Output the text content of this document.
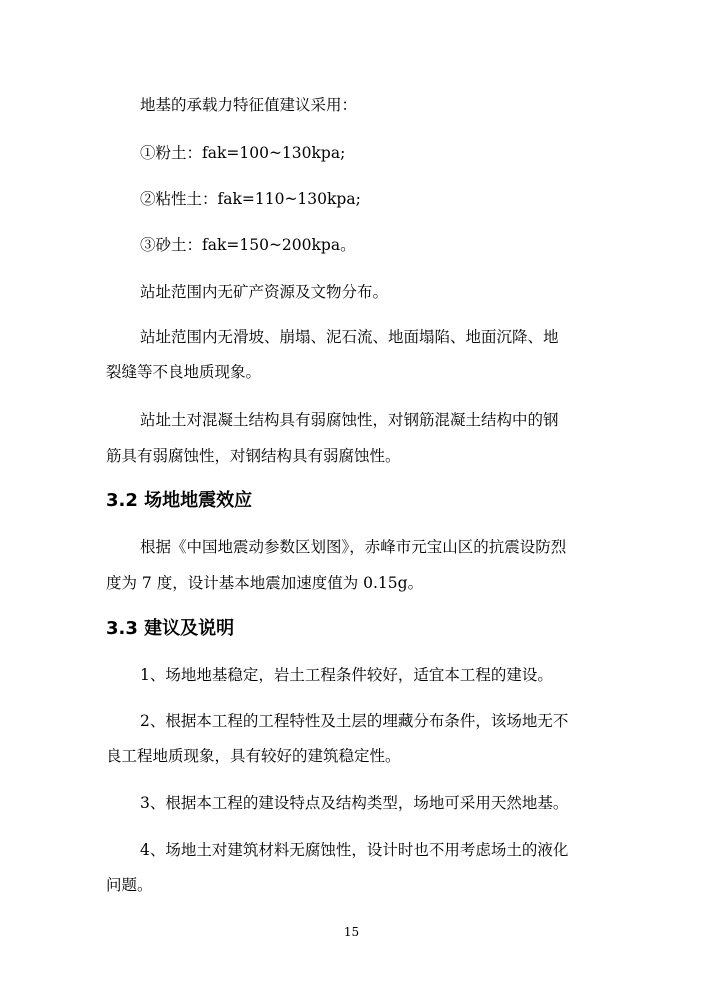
地基的承载力特征值建议采用：
①粉土：fak=100~130kpa;
②粘性土：fak=110~130kpa;
③砂土：fak=150~200kpa。
站址范围内无矿产资源及文物分布。
站址范围内无滑坡、崩塌、泥石流、地面塌陷、地面沉降、地
裂缝等不良地质现象。
站址土对混凝土结构具有弱腐蚀性，对钢筋混凝土结构中的钢
筋具有弱腐蚀性，对钢结构具有弱腐蚀性。
3.2 场地地震效应
根据《中国地震动参数区划图》，赤峰市元宝山区的抗震设防烈
度为 7 度，设计基本地震加速度值为 0.15g。
3.3 建议及说明
1、场地地基稳定，岩土工程条件较好，适宜本工程的建设。
2、根据本工程的工程特性及土层的埋藏分布条件，该场地无不
良工程地质现象，具有较好的建筑稳定性。
3、根据本工程的建设特点及结构类型，场地可采用天然地基。
4、场地土对建筑材料无腐蚀性，设计时也不用考虑场土的液化
问题。
15
